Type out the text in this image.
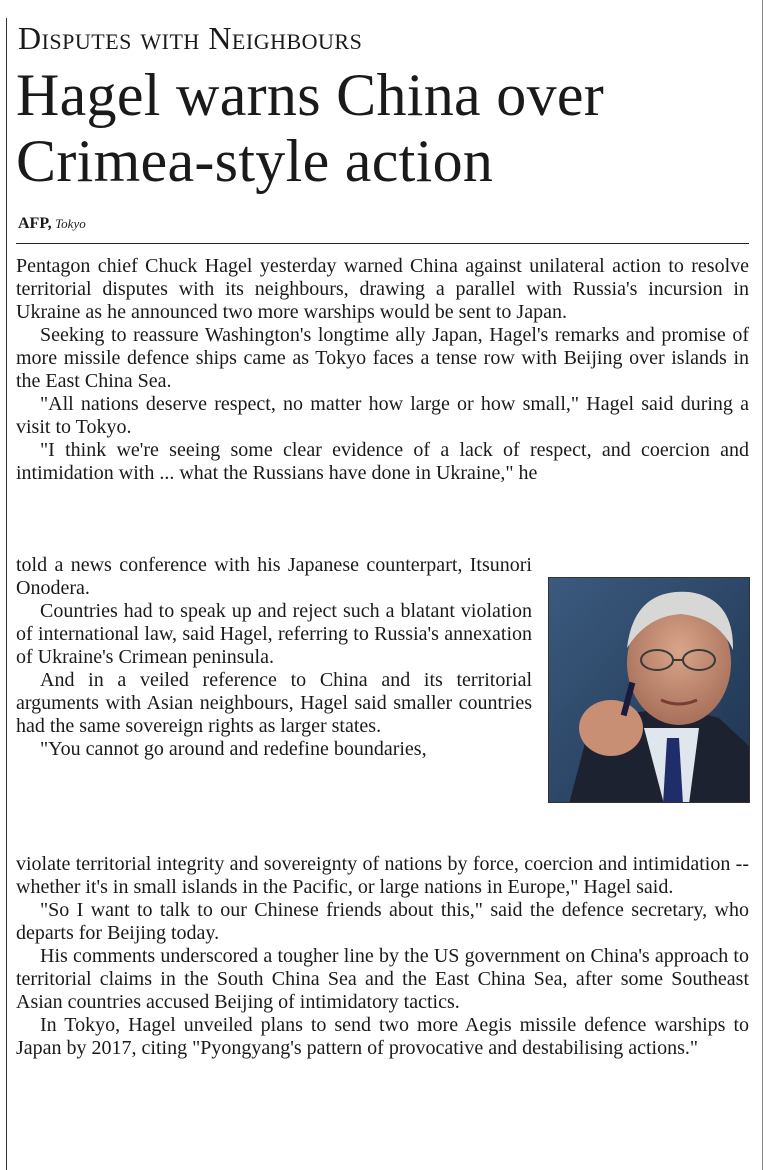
Disputes with Neighbours
Hagel warns China over Crimea-style action
AFP, Tokyo

Pentagon chief Chuck Hagel yesterday warned China against unilateral action to resolve territorial disputes with its neighbours, drawing a parallel with Russia's incursion in Ukraine as he announced two more warships would be sent to Japan.

Seeking to reassure Washington's longtime ally Japan, Hagel's remarks and promise of more missile defence ships came as Tokyo faces a tense row with Beijing over islands in the East China Sea.

"All nations deserve respect, no matter how large or how small," Hagel said during a visit to Tokyo.

"I think we're seeing some clear evidence of a lack of respect, and coercion and intimidation with ... what the Russians have done in Ukraine," he

told a news conference with his Japanese counterpart, Itsunori Onodera.

Countries had to speak up and reject such a blatant violation of international law, said Hagel, referring to Russia's annexation of Ukraine's Crimean peninsula.

And in a veiled reference to China and its territorial arguments with Asian neighbours, Hagel said smaller countries had the same sovereign rights as larger states.

"You cannot go around and redefine boundaries,

violate territorial integrity and sovereignty of nations by force, coercion and intimidation -- whether it's in small islands in the Pacific, or large nations in Europe," Hagel said.

"So I want to talk to our Chinese friends about this," said the defence secretary, who departs for Beijing today.

His comments underscored a tougher line by the US government on China's approach to territorial claims in the South China Sea and the East China Sea, after some Southeast Asian countries accused Beijing of intimidatory tactics.

In Tokyo, Hagel unveiled plans to send two more Aegis missile defence warships to Japan by 2017, citing "Pyongyang's pattern of provocative and destabilising actions."
